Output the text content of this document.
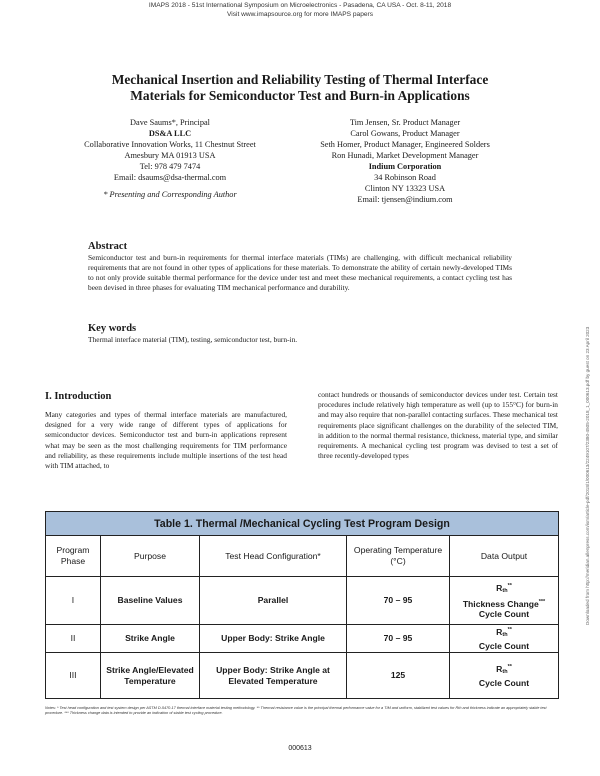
IMAPS 2018 - 51st International Symposium on Microelectronics - Pasadena, CA USA - Oct. 8-11, 2018
Visit www.imapsource.org for more IMAPS papers
Mechanical Insertion and Reliability Testing of Thermal Interface
Materials for Semiconductor Test and Burn-in Applications
Dave Saums*, Principal
DS&A LLC
Collaborative Innovation Works, 11 Chestnut Street
Amesbury MA 01913 USA
Tel: 978 479 7474
Email: dsaums@dsa-thermal.com
* Presenting and Corresponding Author
Tim Jensen, Sr. Product Manager
Carol Gowans, Product Manager
Seth Homer, Product Manager, Engineered Solders
Ron Hunadi, Market Development Manager
Indium Corporation
34 Robinson Road
Clinton NY 13323 USA
Email: tjensen@indium.com
Downloaded from http://meridian.allenpress.com/ism/article-pdf/2018/1/000613/2249107/2380-4505-2018_1_000613.pdf by guest on 23 April 2023
Abstract

Semiconductor test and burn-in requirements for thermal interface materials (TIMs) are challenging, with difficult mechanical reliability requirements that are not found in other types of applications for these materials. To demonstrate the ability of certain newly-developed TIMs to not only provide suitable thermal performance for the device under test and meet these mechanical requirements, a contact cycling test has been devised in three phases for evaluating TIM mechanical performance and durability.

Key words

Thermal interface material (TIM), testing, semiconductor test, burn-in.

I. Introduction
Many categories and types of thermal interface materials are manufactured, designed for a very wide range of different types of applications for semiconductor devices. Semiconductor test and burn-in applications represent what may be seen as the most challenging requirements for TIM performance and reliability, as these requirements include multiple insertions of the test head with TIM attached, to
contact hundreds or thousands of semiconductor devices under test. Certain test procedures include relatively high temperature as well (up to 155°C) for burn-in and may also require that non-parallel contacting surfaces. These mechanical test requirements place significant challenges on the durability of the selected TIM, in addition to the normal thermal resistance, thickness, material type, and similar requirements. A mechanical cycling test program was devised to test a set of three recently-developed types
Table 1. Thermal /Mechanical Cycling Test Program Design				
Program Phase	Purpose	Test Head Configuration*	Operating Temperature (°C)	Data Output
I	Baseline Values	Parallel	70 – 95	$R_{th}^{**}$
Thickness Change***
Cycle Count

II	Strike Angle	Upper Body: Strike Angle	70 – 95	$R_{th}^{**}$
Cycle Count

III	Strike Angle/Elevated Temperature	Upper Body: Strike Angle at Elevated Temperature	125	$R_{th}^{**}$
Cycle Count
Notes: * Test head configuration and test system design per ASTM D-5470-17 thermal interface material testing methodology. ** Thermal resistance value is the principal thermal performance value for a TIM and uniform, stabilized test values for Rth and thickness indicate an appropriately stable test procedure. *** Thickness change data is intended to provide an indication of stable test cycling procedure.
000613
